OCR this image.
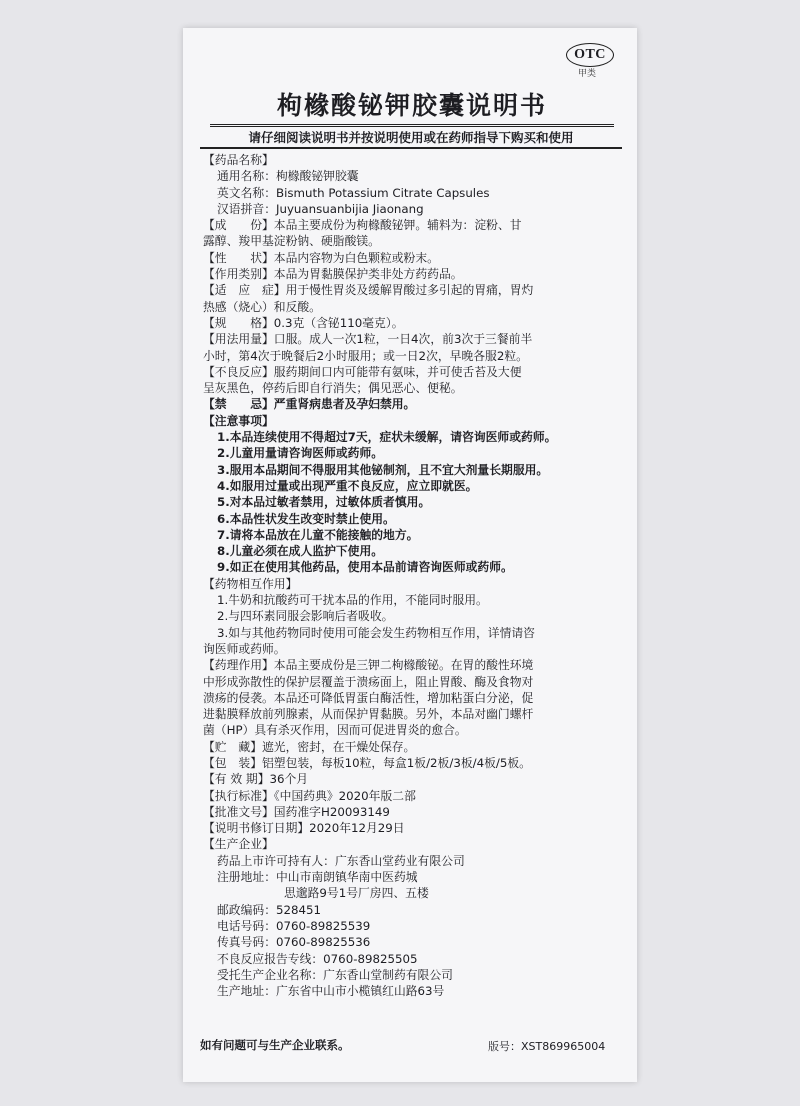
OTC
甲类
枸橼酸铋钾胶囊说明书
请仔细阅读说明书并按说明使用或在药师指导下购买和使用
【药品名称】
通用名称：枸橼酸铋钾胶囊
英文名称：Bismuth Potassium Citrate Capsules
汉语拼音：Juyuansuanbijia Jiaonang
【成　　份】本品主要成份为枸橼酸铋钾。辅料为：淀粉、甘
露醇、羧甲基淀粉钠、硬脂酸镁。
【性　　状】本品内容物为白色颗粒或粉末。
【作用类别】本品为胃黏膜保护类非处方药药品。
【适　应　症】用于慢性胃炎及缓解胃酸过多引起的胃痛，胃灼
热感（烧心）和反酸。
【规　　格】0.3克（含铋110毫克）。
【用法用量】口服。成人一次1粒，一日4次，前3次于三餐前半
小时，第4次于晚餐后2小时服用；或一日2次，早晚各服2粒。
【不良反应】服药期间口内可能带有氨味，并可使舌苔及大便
呈灰黑色，停药后即自行消失；偶见恶心、便秘。
【禁　　忌】严重肾病患者及孕妇禁用。
【注意事项】
1.本品连续使用不得超过7天，症状未缓解，请咨询医师或药师。
2.儿童用量请咨询医师或药师。
3.服用本品期间不得服用其他铋制剂，且不宜大剂量长期服用。
4.如服用过量或出现严重不良反应，应立即就医。
5.对本品过敏者禁用，过敏体质者慎用。
6.本品性状发生改变时禁止使用。
7.请将本品放在儿童不能接触的地方。
8.儿童必须在成人监护下使用。
9.如正在使用其他药品，使用本品前请咨询医师或药师。
【药物相互作用】
1.牛奶和抗酸药可干扰本品的作用，不能同时服用。
2.与四环素同服会影响后者吸收。
3.如与其他药物同时使用可能会发生药物相互作用，详情请咨
询医师或药师。
【药理作用】本品主要成份是三钾二枸橼酸铋。在胃的酸性环境
中形成弥散性的保护层覆盖于溃疡面上，阻止胃酸、酶及食物对
溃疡的侵袭。本品还可降低胃蛋白酶活性，增加粘蛋白分泌，促
进黏膜释放前列腺素，从而保护胃黏膜。另外，本品对幽门螺杆
菌（HP）具有杀灭作用，因而可促进胃炎的愈合。
【贮　藏】遮光，密封，在干燥处保存。
【包　装】铝塑包装，每板10粒，每盒1板/2板/3板/4板/5板。
【有 效 期】36个月
【执行标准】《中国药典》2020年版二部
【批准文号】国药准字H20093149
【说明书修订日期】2020年12月29日
【生产企业】
药品上市许可持有人：广东香山堂药业有限公司
注册地址：中山市南朗镇华南中医药城
思邈路9号1号厂房四、五楼
邮政编码：528451
电话号码：0760-89825539
传真号码：0760-89825536
不良反应报告专线：0760-89825505
受托生产企业名称：广东香山堂制药有限公司
生产地址：广东省中山市小榄镇红山路63号
如有问题可与生产企业联系。	版号：XST869965004
